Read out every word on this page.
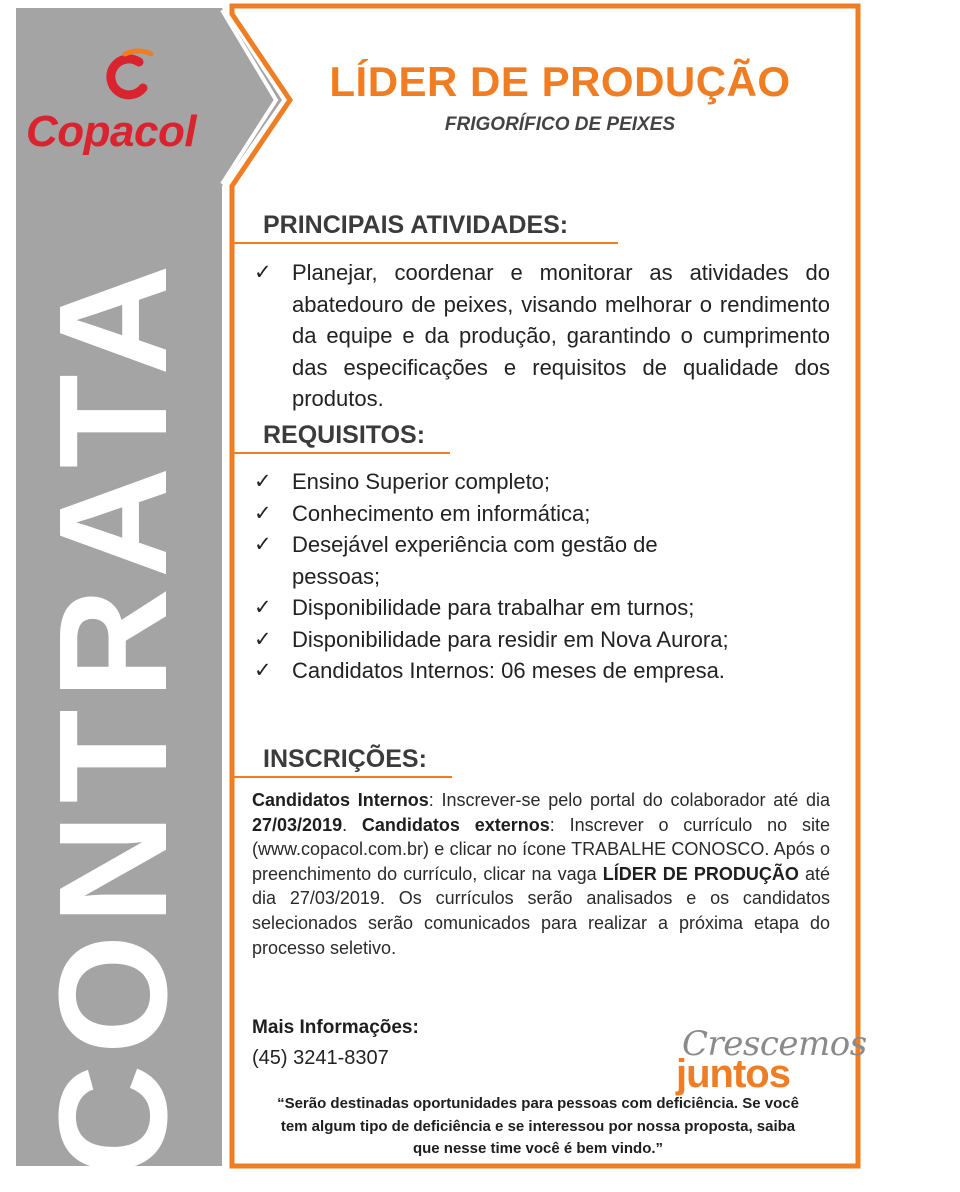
Copacol
CONTRATA
LÍDER DE PRODUÇÃO
FRIGORÍFICO DE PEIXES
PRINCIPAIS ATIVIDADES:
✓ Planejar, coordenar e monitorar as atividades do abatedouro de peixes, visando melhorar o rendimento da equipe e da produção, garantindo o cumprimento das especificações e requisitos de qualidade dos produtos.
REQUISITOS:
✓ Ensino Superior completo;
✓ Conhecimento em informática;
✓ Desejável experiência com gestão de pessoas;
✓ Disponibilidade para trabalhar em turnos;
✓ Disponibilidade para residir em Nova Aurora;
✓ Candidatos Internos: 06 meses de empresa.
INSCRIÇÕES:
Candidatos Internos: Inscrever-se pelo portal do colaborador até dia 27/03/2019. Candidatos externos: Inscrever o currículo no site (www.copacol.com.br) e clicar no ícone TRABALHE CONOSCO. Após o preenchimento do currículo, clicar na vaga LÍDER DE PRODUÇÃO até dia 27/03/2019. Os currículos serão analisados e os candidatos selecionados serão comunicados para realizar a próxima etapa do processo seletivo.
Mais Informações:
(45) 3241-8307	Crescemos
juntos
“Serão destinadas oportunidades para pessoas com deficiência. Se você tem algum tipo de deficiência e se interessou por nossa proposta, saiba que nesse time você é bem vindo.”
